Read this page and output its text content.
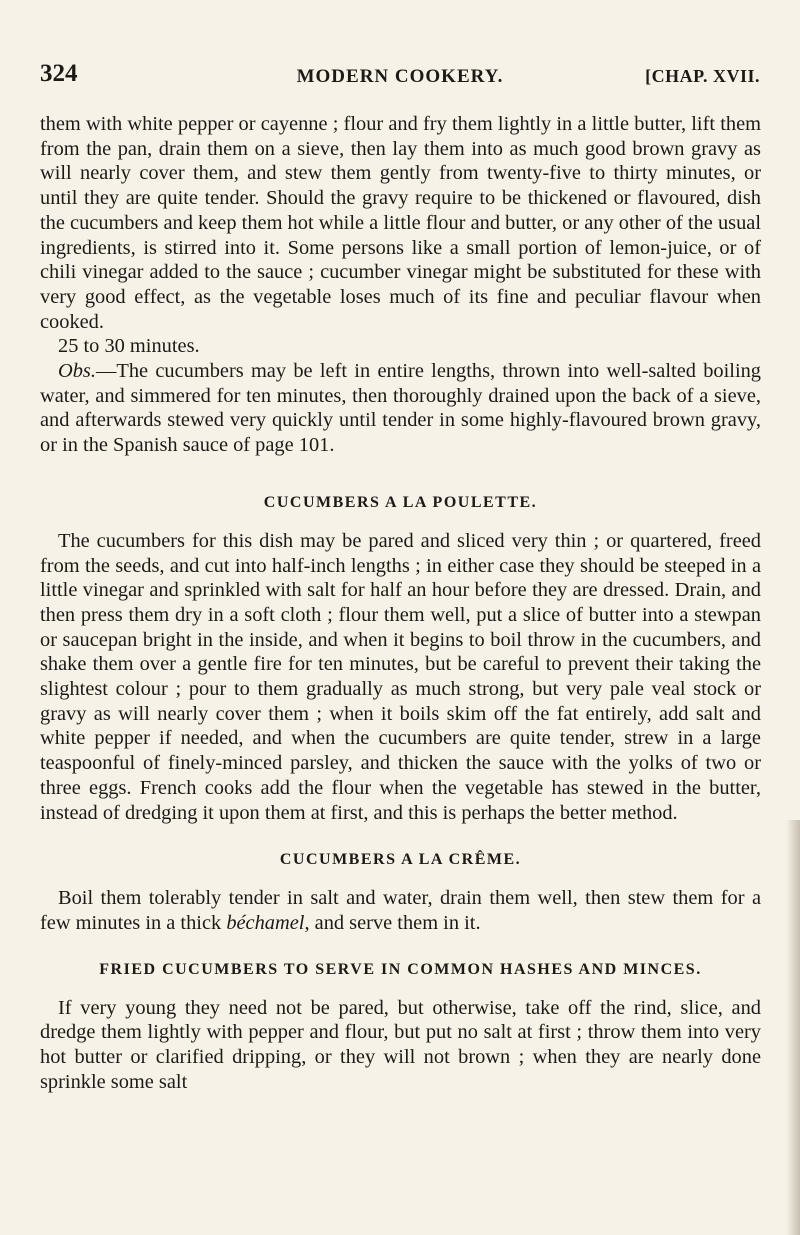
324	MODERN COOKERY.	[CHAP. XVII.

them with white pepper or cayenne ; flour and fry them lightly in a little butter, lift them from the pan, drain them on a sieve, then lay them into as much good brown gravy as will nearly cover them, and stew them gently from twenty-five to thirty minutes, or until they are quite tender. Should the gravy require to be thickened or flavoured, dish the cucumbers and keep them hot while a little flour and butter, or any other of the usual ingredients, is stirred into it. Some persons like a small portion of lemon-juice, or of chili vinegar added to the sauce ; cucumber vinegar might be substituted for these with very good effect, as the vegetable loses much of its fine and peculiar flavour when cooked.

25 to 30 minutes.

Obs.—The cucumbers may be left in entire lengths, thrown into well-salted boiling water, and simmered for ten minutes, then thoroughly drained upon the back of a sieve, and afterwards stewed very quickly until tender in some highly-flavoured brown gravy, or in the Spanish sauce of page 101.

CUCUMBERS A LA POULETTE.

The cucumbers for this dish may be pared and sliced very thin ; or quartered, freed from the seeds, and cut into half-inch lengths ; in either case they should be steeped in a little vinegar and sprinkled with salt for half an hour before they are dressed. Drain, and then press them dry in a soft cloth ; flour them well, put a slice of butter into a stewpan or saucepan bright in the inside, and when it begins to boil throw in the cucumbers, and shake them over a gentle fire for ten minutes, but be careful to prevent their taking the slightest colour ; pour to them gradually as much strong, but very pale veal stock or gravy as will nearly cover them ; when it boils skim off the fat entirely, add salt and white pepper if needed, and when the cucumbers are quite tender, strew in a large teaspoonful of finely-minced parsley, and thicken the sauce with the yolks of two or three eggs. French cooks add the flour when the vegetable has stewed in the butter, instead of dredging it upon them at first, and this is perhaps the better method.

CUCUMBERS A LA CRÊME.

Boil them tolerably tender in salt and water, drain them well, then stew them for a few minutes in a thick béchamel, and serve them in it.

FRIED CUCUMBERS TO SERVE IN COMMON HASHES AND MINCES.

If very young they need not be pared, but otherwise, take off the rind, slice, and dredge them lightly with pepper and flour, but put no salt at first ; throw them into very hot butter or clarified dripping, or they will not brown ; when they are nearly done sprinkle some salt
